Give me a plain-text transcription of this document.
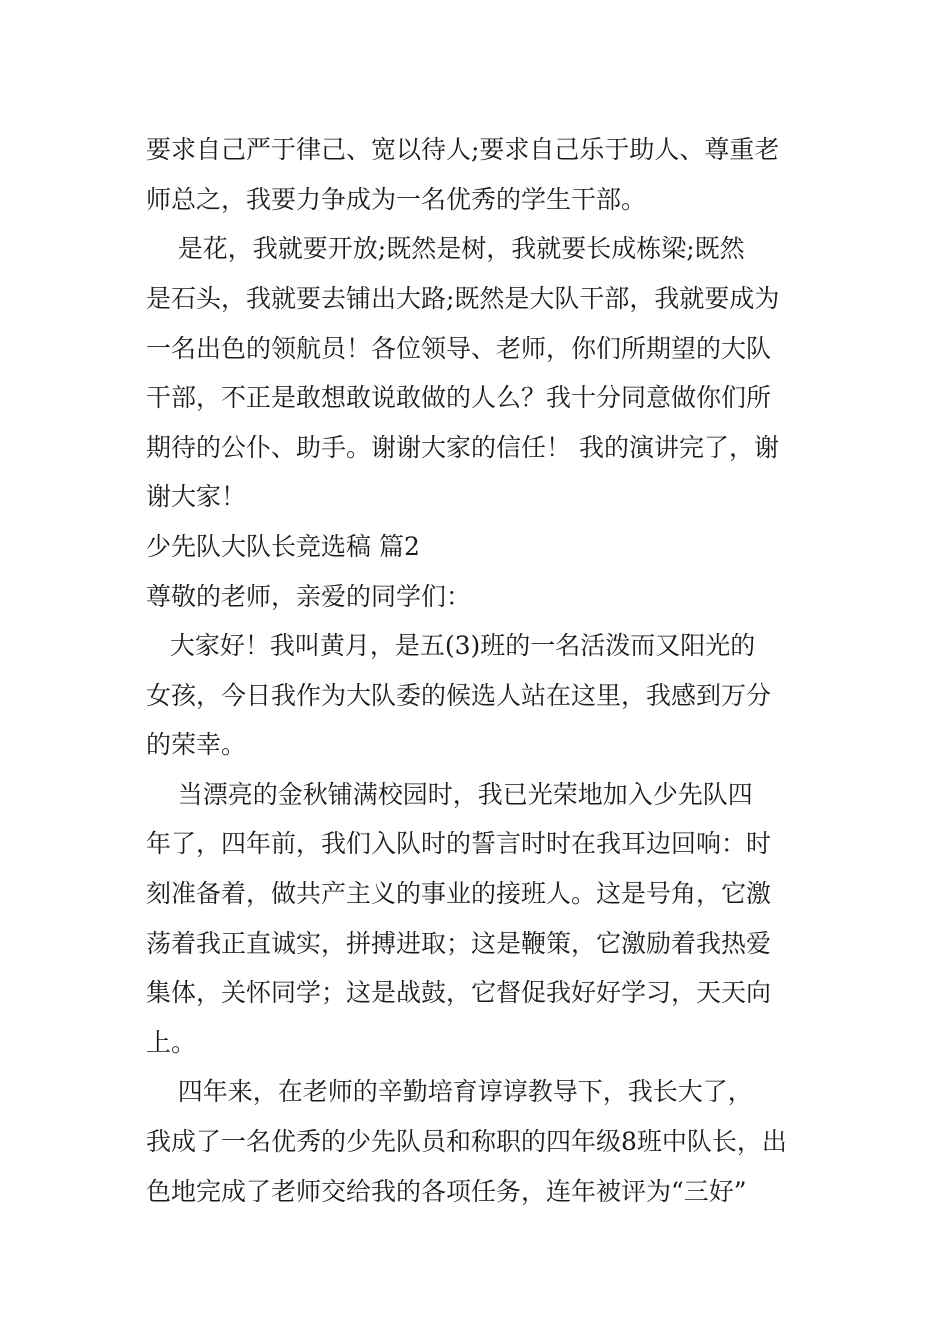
要求自己严于律己、宽以待人;要求自己乐于助人、尊重老
师总之，我要力争成为一名优秀的学生干部。
是花，我就要开放;既然是树，我就要长成栋梁;既然
是石头，我就要去铺出大路;既然是大队干部，我就要成为
一名出色的领航员！各位领导、老师，你们所期望的大队
干部，不正是敢想敢说敢做的人么？我十分同意做你们所
期待的公仆、助手。谢谢大家的信任！ 我的演讲完了，谢
谢大家！
少先队大队长竞选稿 篇2
尊敬的老师，亲爱的同学们：
大家好！我叫黄月，是五(3)班的一名活泼而又阳光的
女孩，今日我作为大队委的候选人站在这里，我感到万分
的荣幸。
当漂亮的金秋铺满校园时，我已光荣地加入少先队四
年了，四年前，我们入队时的誓言时时在我耳边回响：时
刻准备着，做共产主义的事业的接班人。这是号角，它激
荡着我正直诚实，拼搏进取；这是鞭策，它激励着我热爱
集体，关怀同学；这是战鼓，它督促我好好学习，天天向
上。
四年来，在老师的辛勤培育谆谆教导下，我长大了，
我成了一名优秀的少先队员和称职的四年级8班中队长，出
色地完成了老师交给我的各项任务，连年被评为“三好”
